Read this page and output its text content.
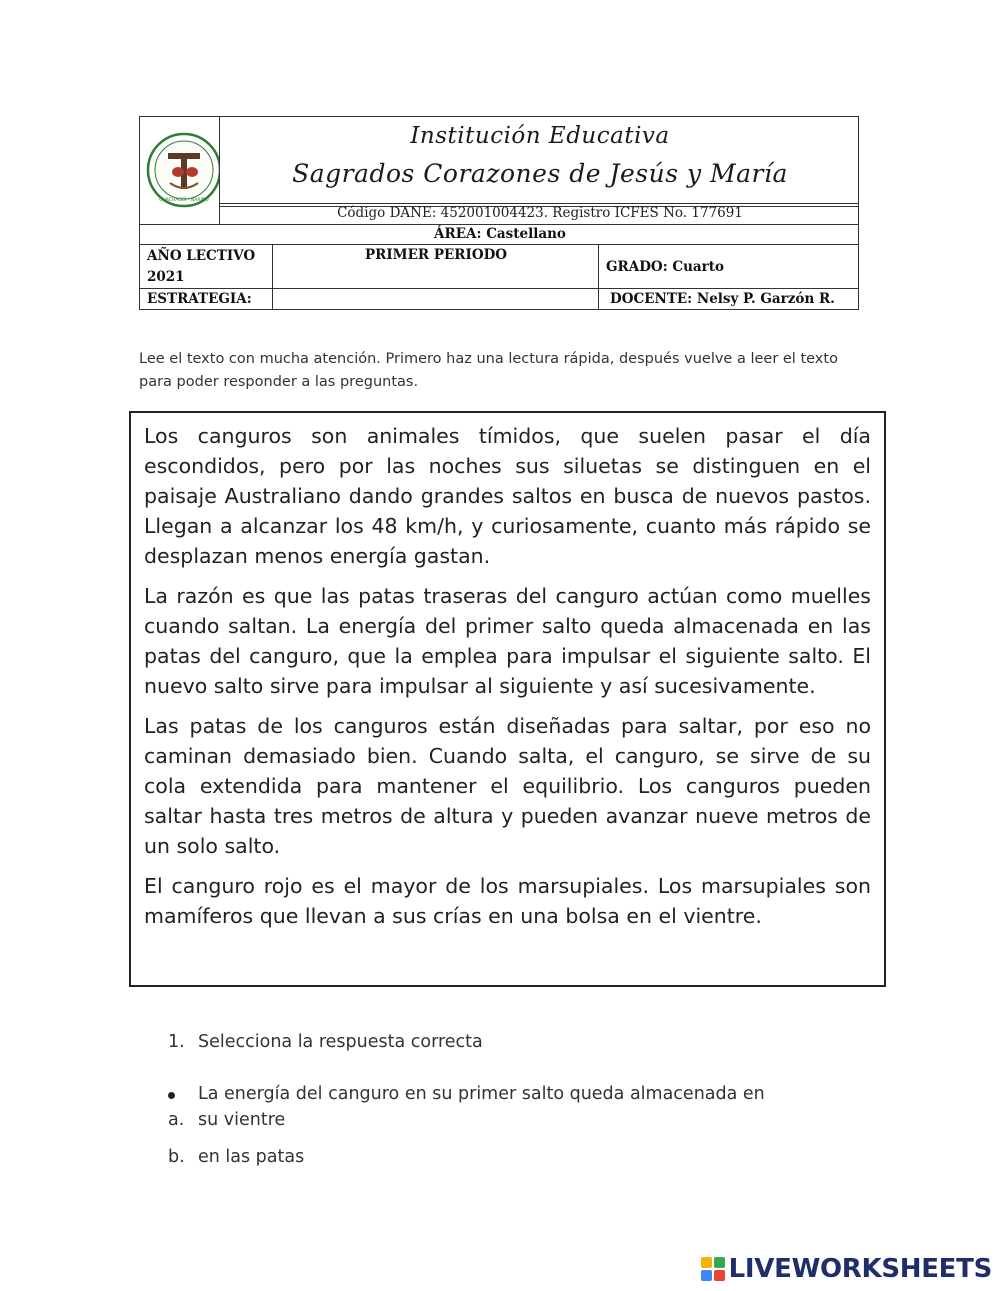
CHACHAGÜÍ - NARIÑO
Institución Educativa
Sagrados Corazones de Jesús y María
Código DANE: 452001004423. Registro ICFES No. 177691
ÁREA: Castellano
AÑO LECTIVO
2021
PRIMER PERIODO
GRADO: Cuarto
ESTRATEGIA:	DOCENTE: Nelsy P. Garzón R.
Lee el texto con mucha atención. Primero haz una lectura rápida, después vuelve a leer el texto para poder responder a las preguntas.

Los canguros son animales tímidos, que suelen pasar el día escondidos, pero por las noches sus siluetas se distinguen en el paisaje Australiano dando grandes saltos en busca de nuevos pastos. Llegan a alcanzar los 48 km/h, y curiosamente, cuanto más rápido se desplazan menos energía gastan.

La razón es que las patas traseras del canguro actúan como muelles cuando saltan. La energía del primer salto queda almacenada en las patas del canguro, que la emplea para impulsar el siguiente salto. El nuevo salto sirve para impulsar al siguiente y así sucesivamente.

Las patas de los canguros están diseñadas para saltar, por eso no caminan demasiado bien. Cuando salta, el canguro, se sirve de su cola extendida para mantener el equilibrio. Los canguros pueden saltar hasta tres metros de altura y pueden avanzar nueve metros de un solo salto.

El canguro rojo es el mayor de los marsupiales. Los marsupiales son mamíferos que llevan a sus crías en una bolsa en el vientre.

1. Selecciona la respuesta correcta
La energía del canguro en su primer salto queda almacenada en
a. su vientre
b. en las patas
LIVEWORKSHEETS
